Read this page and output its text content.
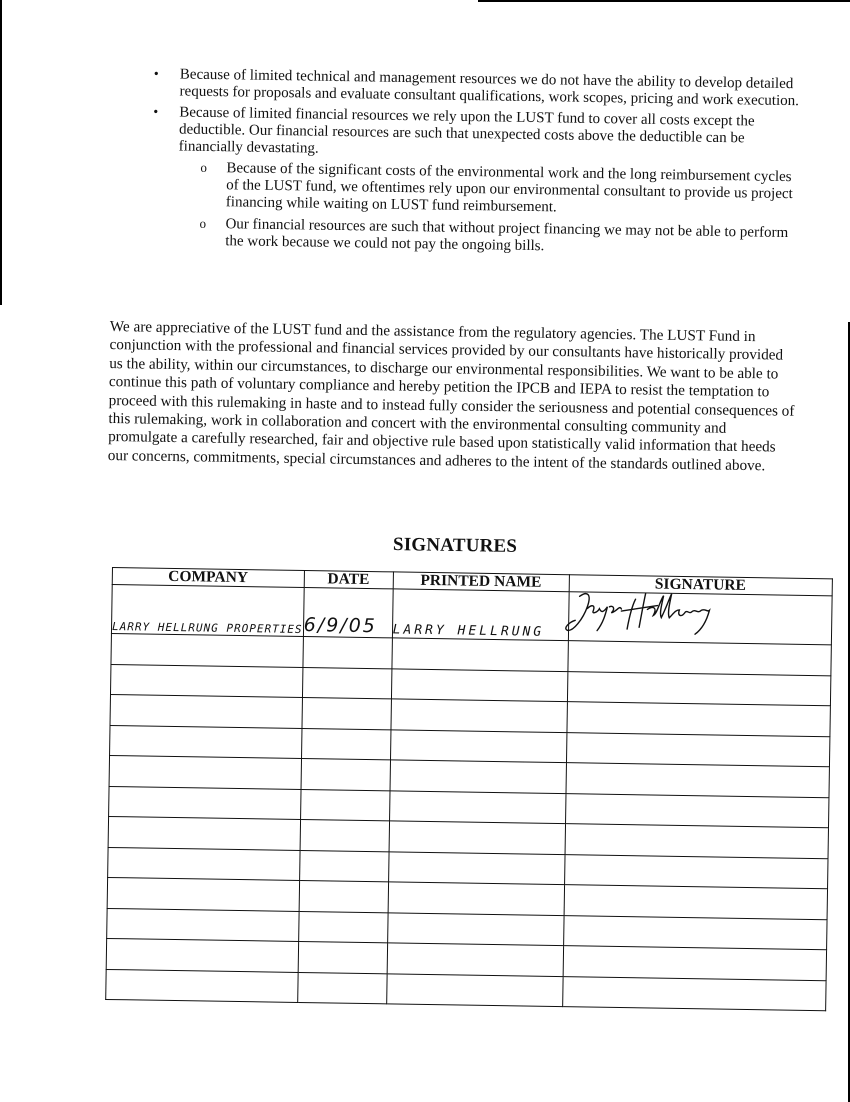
• Because of limited technical and management resources we do not have the ability to develop detailed requests for proposals and evaluate consultant qualifications, work scopes, pricing and work execution.
• Because of limited financial resources we rely upon the LUST fund to cover all costs except the deductible. Our financial resources are such that unexpected costs above the deductible can be financially devastating.
o Because of the significant costs of the environmental work and the long reimbursement cycles of the LUST fund, we oftentimes rely upon our environmental consultant to provide us project financing while waiting on LUST fund reimbursement.
o Our financial resources are such that without project financing we may not be able to perform the work because we could not pay the ongoing bills.
We are appreciative of the LUST fund and the assistance from the regulatory agencies. The LUST Fund in conjunction with the professional and financial services provided by our consultants have historically provided us the ability, within our circumstances, to discharge our environmental responsibilities. We want to be able to continue this path of voluntary compliance and hereby petition the IPCB and IEPA to resist the temptation to proceed with this rulemaking in haste and to instead fully consider the seriousness and potential consequences of this rulemaking, work in collaboration and concert with the environmental consulting community and promulgate a carefully researched, fair and objective rule based upon statistically valid information that heeds our concerns, commitments, special circumstances and adheres to the intent of the standards outlined above.
SIGNATURES
COMPANY	DATE	PRINTED NAME	SIGNATURE
LARRY HELLRUNG PROPERTIES	6/9/05	LARRY HELLRUNG	
